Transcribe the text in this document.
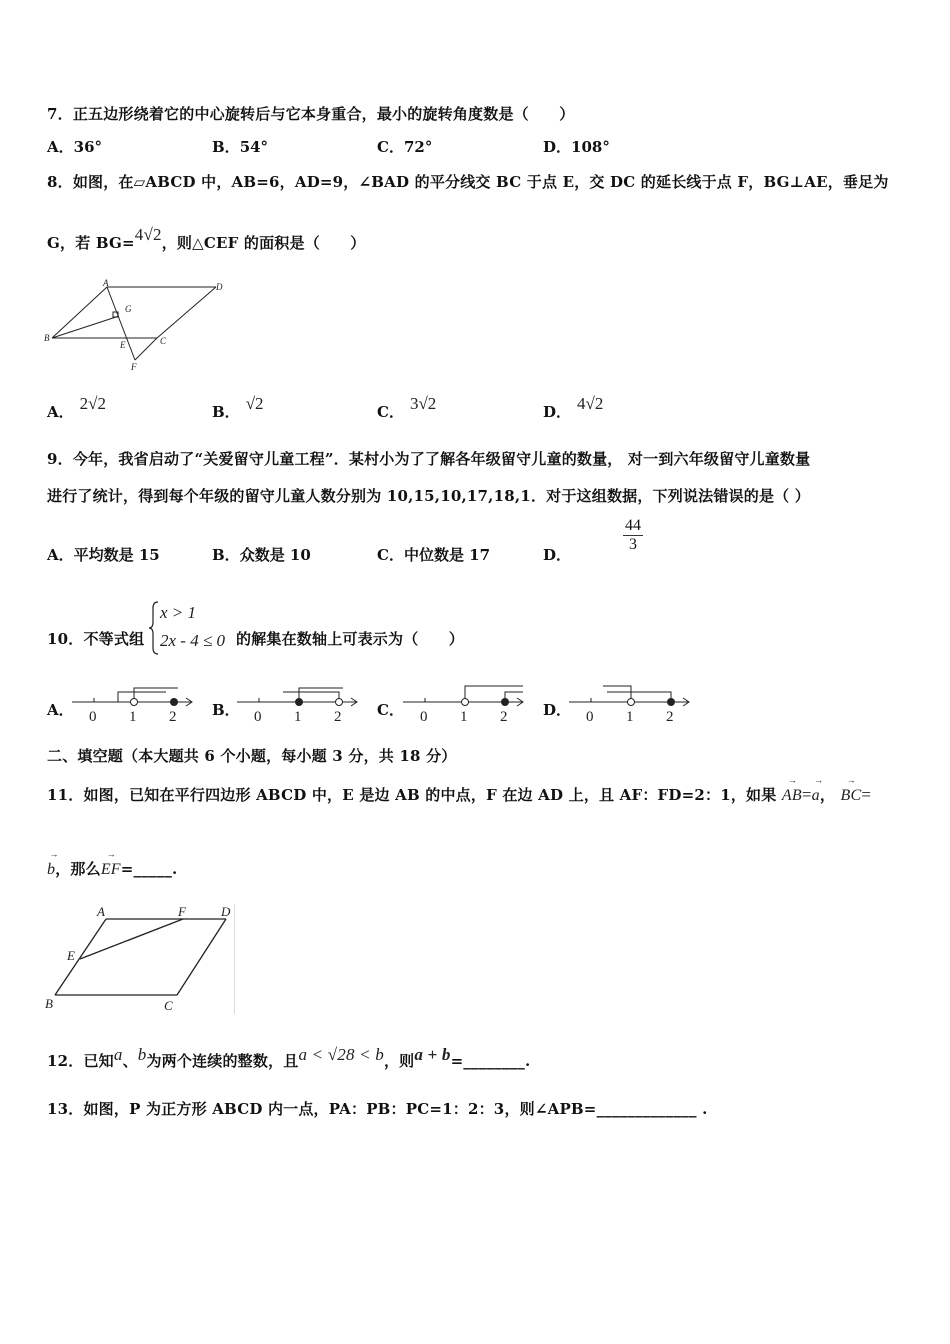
7．正五边形绕着它的中心旋转后与它本身重合，最小的旋转角度数是（　　）
A．36°	B．54°	C．72°	D．108°
8．如图，在▱ABCD 中，AB=6，AD=9，∠BAD 的平分线交 BC 于点 E，交 DC 的延长线于点 F，BG⊥AE，垂足为
G，若 BG=4√2，则△CEF 的面积是（　　）
A	D
B
E	C
G
F
A． 2√2	B． √2	C． 3√2	D． 4√2
9．今年，我省启动了“关爱留守儿童工程”．某村小为了了解各年级留守儿童的数量， 对一到六年级留守儿童数量
进行了统计，得到每个年级的留守儿童人数分别为 10,15,10,17,18,1．对于这组数据，下列说法错误的是（ ）
A．平均数是 15	B．众数是 10	C．中位数是 17	D．
$\frac{44}{3}$
10．不等式组
x > 1
2x - 4 ≤ 0 的解集在数轴上可表示为（　　）
A． 0 1 2 B． 0 1 2 C． 0 1 2 D． 0 1 2
二、填空题（本大题共 6 个小题，每小题 3 分，共 18 分）
11．如图，已知在平行四边形 ABCD 中，E 是边 AB 的中点，F 在边 AD 上，且 AF：FD=2：1，如果 → AB=→ a， → BC=
→ b，那么→ EF=_____.
A	F	D
E
B	C
12．已知a、b为两个连续的整数，且a < √28 < b，则a + b=________.
13．如图，P 为正方形 ABCD 内一点，PA：PB：PC=1：2：3，则∠APB=_____________ .
